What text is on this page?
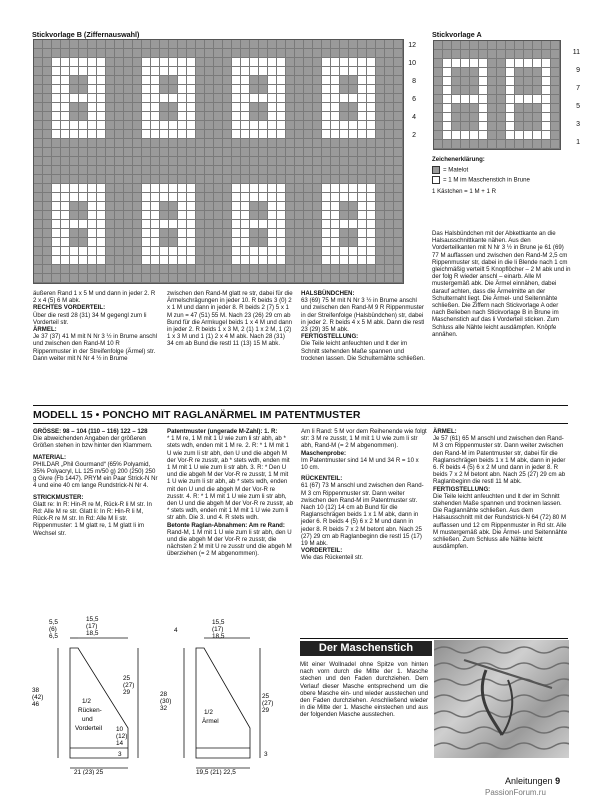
Stickvorlage B (Ziffernauswahl)	Stickvorlage A
12
10
8
6
4
2
11
9
7
5
3
1

Zeichenerklärung:

= Matelot

= 1 M im Maschenstich in Brune

1 Kästchen = 1 M + 1 R

Das Halsbündchen mit der Abkettkante an die Halsausschnittkante nähen. Aus den Vorderteilkanten mit N Nr 3 ½ in Brune je 61 (69) 77 M auffassen und zwischen den Rand-M 2,5 cm Rippenmuster str, dabei in die li Blende nach 1 cm gleichmäßig verteilt 5 Knopflöcher – 2 M abk und in der folg R wieder anschl – einarb. Alle M mustergemäß abk. Die Ärmel einnähen, dabei darauf achten, dass die Ärmelmitte an der Schulternaht liegt. Die Ärmel- und Seitennähte schließen. Die Ziffern nach Stickvorlage A oder nach Belieben nach Stickvorlage B in Brune im Maschenstich auf das li Vorderteil sticken. Zum Schluss alle Nähte leicht ausdämpfen. Knöpfe annähen.

äußeren Rand 1 x 5 M und dann in jeder 2. R 2 x 4 (5) 6 M abk.

RECHTES VORDERTEIL:

Über die restl 28 (31) 34 M gegengl zum li Vorderteil str.

ÄRMEL:

Je 37 (37) 41 M mit N Nr 3 ½ in Brume anschl und zwischen den Rand-M 10 R Rippenmuster in der Streifenfolge (Ärmel) str. Dann weiter mit N Nr 4 ½ in Brume

zwischen den Rand-M glatt re str, dabei für die Ärmelschrägungen in jeder 10. R beids 3 (0) 2 x 1 M und dann in jeder 8. R beids 2 (7) 5 x 1 M zun = 47 (51) 55 M. Nach 23 (26) 29 cm ab Bund für die Armkugel beids 1 x 4 M und dann in jeder 2. R beids 1 x 3 M, 2 (1) 1 x 2 M, 1 (2) 1 x 3 M und 1 (1) 2 x 4 M abk. Nach 28 (31) 34 cm ab Bund die restl 11 (13) 15 M abk.

HALSBÜNDCHEN:

63 (69) 75 M mit N Nr 3 ½ in Brume anschl und zwischen den Rand-M 9 R Rippenmuster in der Streifenfolge (Halsbündchen) str, dabei in jeder 2. R beids 4 x 5 M abk. Dann die restl 23 (29) 35 M abk.

FERTIGSTELLUNG:

Die Teile leicht anfeuchten und lt der im Schnitt stehenden Maße spannen und trocknen lassen. Die Schulternähte schließen.

MODELL 15 • PONCHO MIT RAGLANÄRMEL IM PATENTMUSTER

GRÖSSE: 98 – 104 (110 – 116) 122 – 128

Die abweichenden Angaben der größeren Größen stehen in bzw hinter den Klammern.

MATERIAL:

PHILDAR „Phil Gourmand“ (65% Polyamid, 35% Polyacryl, LL 125 m/50 g) 200 (250) 250 g Givre (Fb 1447). PRYM ein Paar Strick-N Nr 4 und eine 40 cm lange Rundstrick-N Nr 4.

STRICKMUSTER:

Glatt re: In R: Hin-R re M, Rück-R li M str. In Rd: Alle M re str. Glatt li: In R: Hin-R li M, Rück-R re M str. In Rd: Alle M li str. Rippenmuster: 1 M glatt re, 1 M glatt li im Wechsel str.

Patentmuster (ungerade M-Zahl): 1. R:

* 1 M re, 1 M mit 1 U wie zum li str abh, ab * stets wdh, enden mit 1 M re. 2. R: * 1 M mit 1 U wie zum li str abh, den U und die abgeh M der Vor-R re zusstr, ab * stets wdh, enden mit 1 M mit 1 U wie zum li str abh. 3. R: * Den U und die abgeh M der Vor-R re zusstr, 1 M mit 1 U wie zum li str abh, ab * stets wdh, enden mit den U und die abgeh M der Vor-R re zusstr. 4. R: * 1 M mit 1 U wie zum li str abh, den U und die abgeh M der Vor-R re zusstr, ab * stets wdh, enden mit 1 M mit 1 U wie zum li str abh. Die 3. und 4. R stets wdh.

Betonte Raglan-Abnahmen: Am re Rand:

Rand-M, 1 M mit 1 U wie zum li str abh, den U und die abgeh M der Vor-R re zusstr, die nächsten 2 M mit U re zusstr und die abgeh M überziehen (= 2 M abgenommen).

Am li Rand: 5 M vor dem Reihenende wie folgt str: 3 M re zusstr, 1 M mit 1 U wie zum li str abh, Rand-M (= 2 M abgenommen).

Maschenprobe:

Im Patentmuster sind 14 M und 34 R = 10 x 10 cm.

RÜCKENTEIL:

61 (67) 73 M anschl und zwischen den Rand-M 3 cm Rippenmuster str. Dann weiter zwischen den Rand-M im Patentmuster str. Nach 10 (12) 14 cm ab Bund für die Raglanschrägen beids 1 x 1 M abk, dann in jeder 6. R beids 4 (5) 6 x 2 M und dann in jeder 8. R beids 7 x 2 M betont abn. Nach 25 (27) 29 cm ab Raglanbeginn die restl 15 (17) 19 M abk.

VORDERTEIL:

Wie das Rückenteil str.

ÄRMEL:

Je 57 (61) 65 M anschl und zwischen den Rand-M 3 cm Rippenmuster str. Dann weiter zwischen den Rand-M im Patentmuster str, dabei für die Raglanschrägen beids 1 x 1 M abk, dann in jeder 6. R beids 4 (5) 6 x 2 M und dann in jeder 8. R beids 7 x 2 M betont abn. Nach 25 (27) 29 cm ab Raglanbeginn die restl 11 M abk.

FERTIGSTELLUNG:

Die Teile leicht anfeuchten und lt der im Schnitt stehenden Maße spannen und trocknen lassen. Die Raglannähte schließen. Aus dem Halsausschnitt mit der Rundstrick-N 64 (72) 80 M auffassen und 12 cm Rippenmuster in Rd str. Alle M mustergemäß abk. Die Ärmel- und Seitennähte schließen. Zum Schluss alle Nähte leicht ausdämpfen.

5,5
(6)
6,5
15,5
(17)
18,5
38
(42)
46
25
(27)
29
10
(12)
14
3
1/2
Rücken-
und
Vorderteil
21 (23) 25
4
15,5
(17)
18,5
28
(30)
32
25
(27)
29
3
1/2
Ärmel
19,5 (21) 22,5
Der Maschenstich
Mit einer Wollnadel ohne Spitze von hinten nach vorn durch die Mitte der 1. Masche stechen und den Faden durchziehen. Dem Verlauf dieser Masche entsprechend um die obere Masche ein- und wieder ausstechen und den Faden durchziehen. Anschließend wieder in die Mitte der 1. Masche einstechen und aus der folgenden Masche ausstechen.
Anleitungen 9
PassionForum.ru
